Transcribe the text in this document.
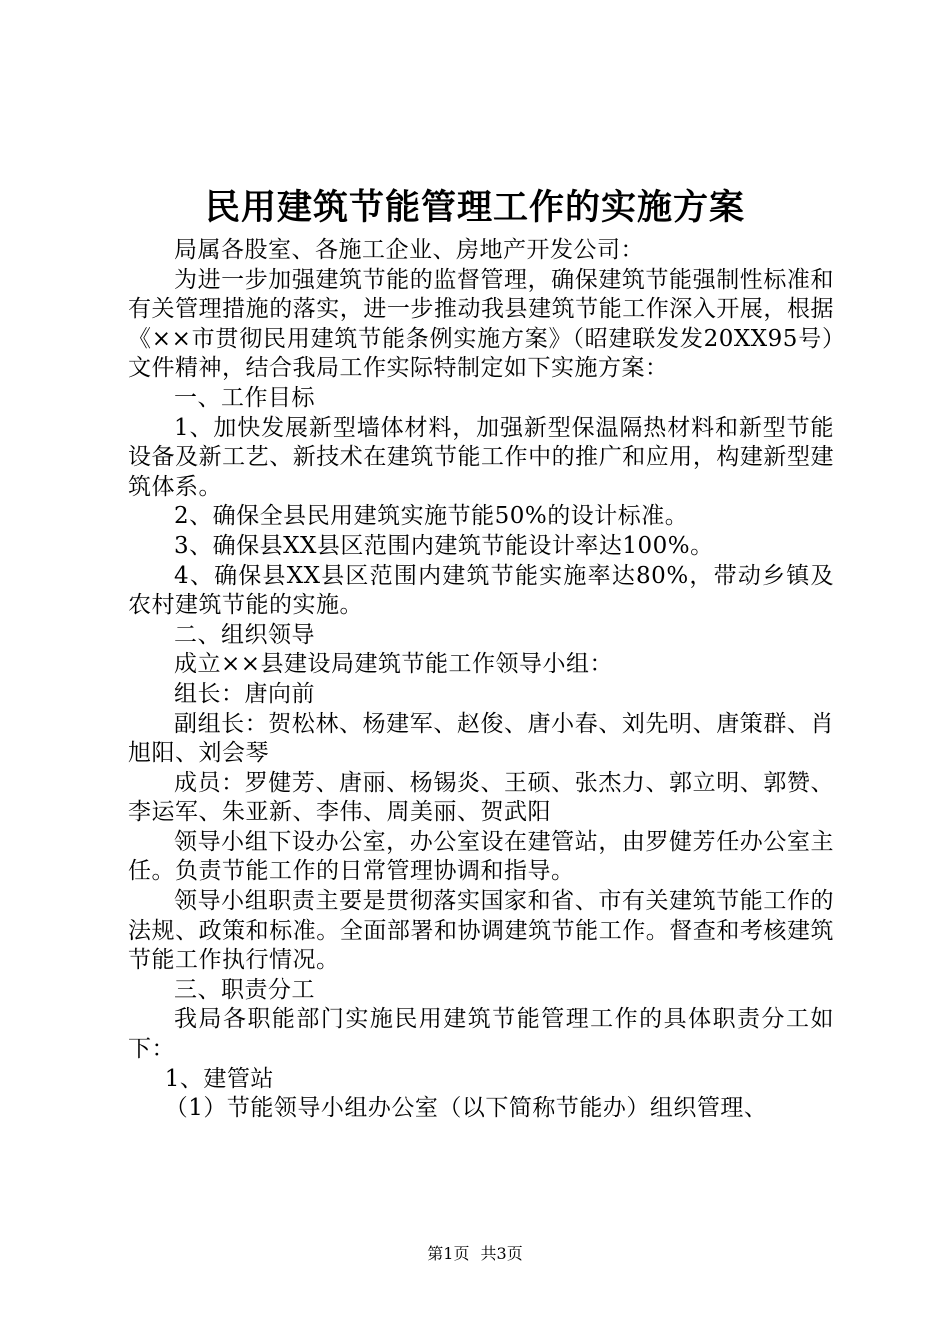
民用建筑节能管理工作的实施方案

局属各股室、各施工企业、房地产开发公司：

为进一步加强建筑节能的监督管理，确保建筑节能强制性标准和有关管理措施的落实，进一步推动我县建筑节能工作深入开展，根据《××市贯彻民用建筑节能条例实施方案》（昭建联发发20XX95号）文件精神，结合我局工作实际特制定如下实施方案：

一、工作目标

1、加快发展新型墙体材料，加强新型保温隔热材料和新型节能设备及新工艺、新技术在建筑节能工作中的推广和应用，构建新型建筑体系。

2、确保全县民用建筑实施节能50%的设计标准。

3、确保县XX县区范围内建筑节能设计率达100%。

4、确保县XX县区范围内建筑节能实施率达80%，带动乡镇及农村建筑节能的实施。

二、组织领导

成立××县建设局建筑节能工作领导小组：

组长：唐向前

副组长：贺松林、杨建军、赵俊、唐小春、刘先明、唐策群、肖旭阳、刘会琴

成员：罗健芳、唐丽、杨锡炎、王硕、张杰力、郭立明、郭赞、李运军、朱亚新、李伟、周美丽、贺武阳

领导小组下设办公室，办公室设在建管站，由罗健芳任办公室主任。负责节能工作的日常管理协调和指导。

领导小组职责主要是贯彻落实国家和省、市有关建筑节能工作的法规、政策和标准。全面部署和协调建筑节能工作。督查和考核建筑节能工作执行情况。

三、职责分工

我局各职能部门实施民用建筑节能管理工作的具体职责分工如下：

1、建管站

（1）节能领导小组办公室（以下简称节能办）组织管理、

第1页 共3页
